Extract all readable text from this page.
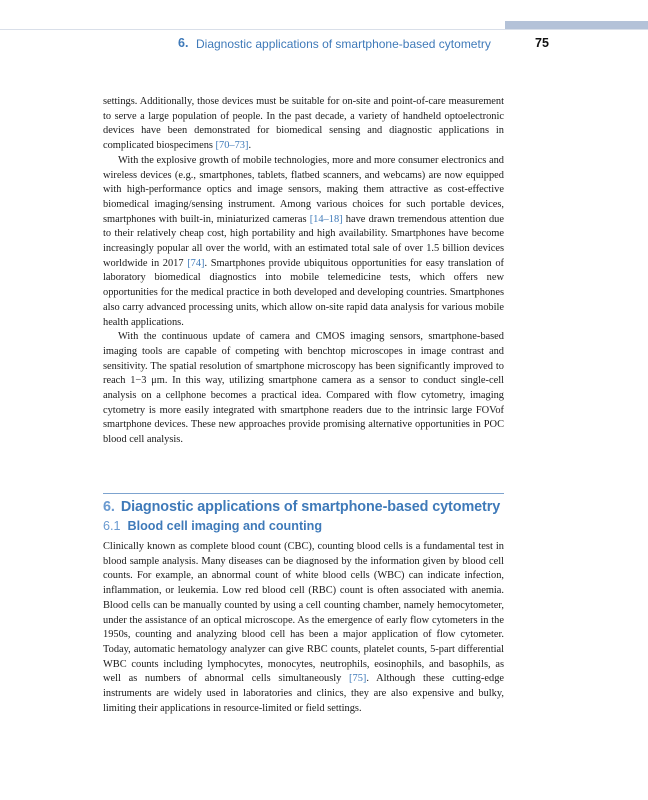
6. Diagnostic applications of smartphone-based cytometry	75

settings. Additionally, those devices must be suitable for on-site and point-of-care measurement to serve a large population of people. In the past decade, a variety of handheld optoelectronic devices have been demonstrated for biomedical sensing and diagnostic applications in complicated biospecimens [70–73].

With the explosive growth of mobile technologies, more and more consumer electronics and wireless devices (e.g., smartphones, tablets, flatbed scanners, and webcams) are now equipped with high-performance optics and image sensors, making them attractive as cost-effective biomedical imaging/sensing instrument. Among various choices for such portable devices, smartphones with built-in, miniaturized cameras [14–18] have drawn tremendous attention due to their relatively cheap cost, high portability and high availability. Smartphones have become increasingly popular all over the world, with an estimated total sale of over 1.5 billion devices worldwide in 2017 [74]. Smartphones provide ubiquitous opportunities for easy translation of laboratory biomedical diagnostics into mobile telemedicine tests, which offers new opportunities for the medical practice in both developed and developing countries. Smartphones also carry advanced processing units, which allow on-site rapid data analysis for various mobile health applications.

With the continuous update of camera and CMOS imaging sensors, smartphone-based imaging tools are capable of competing with benchtop microscopes in image contrast and sensitivity. The spatial resolution of smartphone microscopy has been significantly improved to reach 1−3 μm. In this way, utilizing smartphone camera as a sensor to conduct single-cell analysis on a cellphone becomes a practical idea. Compared with flow cytometry, imaging cytometry is more easily integrated with smartphone readers due to the intrinsic large FOVof smartphone devices. These new approaches provide promising alternative opportunities in POC blood cell analysis.

6. Diagnostic applications of smartphone-based cytometry
6.1 Blood cell imaging and counting

Clinically known as complete blood count (CBC), counting blood cells is a fundamental test in blood sample analysis. Many diseases can be diagnosed by the information given by blood cell counts. For example, an abnormal count of white blood cells (WBC) can indicate infection, inflammation, or leukemia. Low red blood cell (RBC) count is often associated with anemia. Blood cells can be manually counted by using a cell counting chamber, namely hemocytometer, under the assistance of an optical microscope. As the emergence of early flow cytometers in the 1950s, counting and analyzing blood cell has been a major application of flow cytometer. Today, automatic hematology analyzer can give RBC counts, platelet counts, 5-part differential WBC counts including lymphocytes, monocytes, neutrophils, eosinophils, and basophils, as well as numbers of abnormal cells simultaneously [75]. Although these cutting-edge instruments are widely used in laboratories and clinics, they are also expensive and bulky, limiting their applications in resource-limited or field settings.
